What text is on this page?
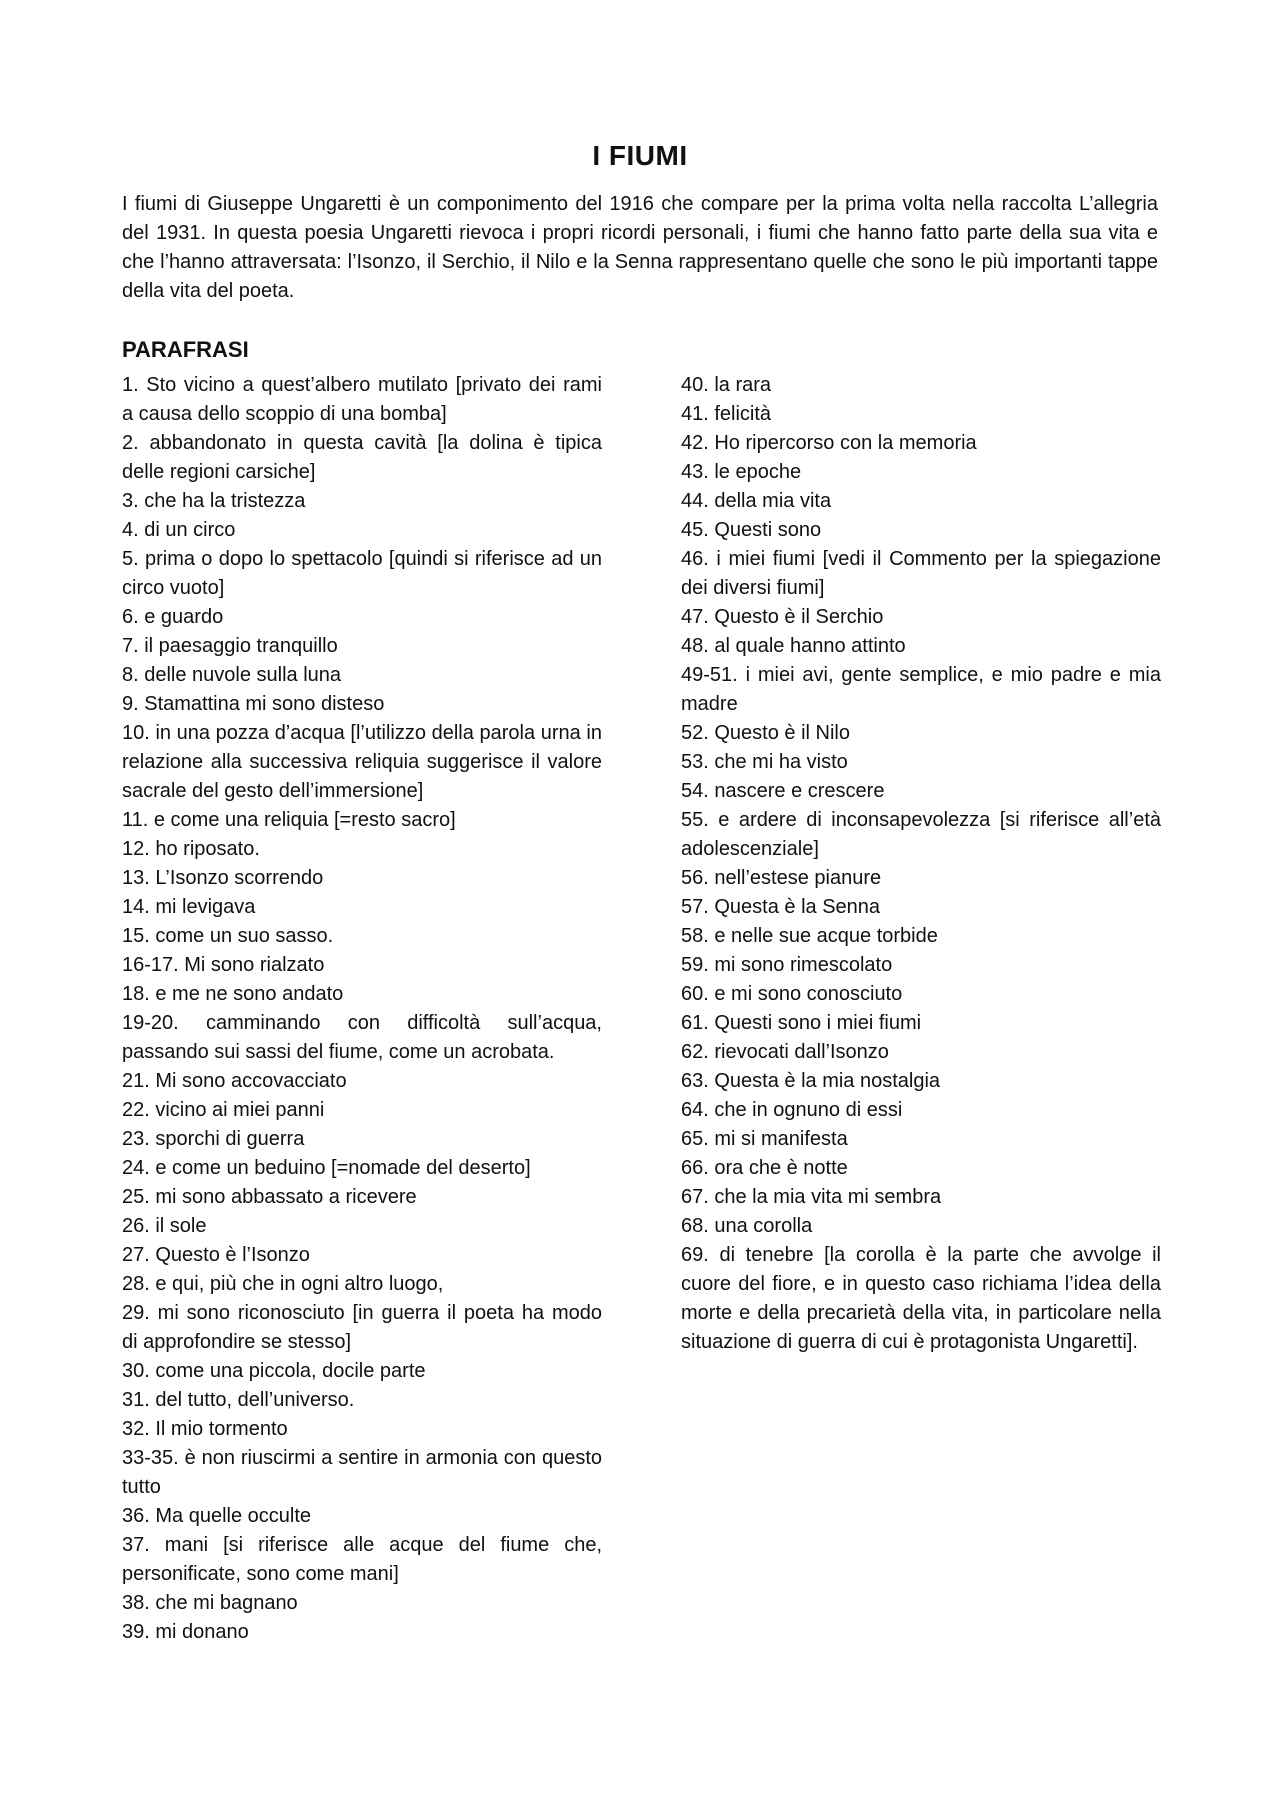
I FIUMI

I fiumi di Giuseppe Ungaretti è un componimento del 1916 che compare per la prima volta nella raccolta L’allegria del 1931. In questa poesia Ungaretti rievoca i propri ricordi personali, i fiumi che hanno fatto parte della sua vita e che l’hanno attraversata: l’Isonzo, il Serchio, il Nilo e la Senna rappresentano quelle che sono le più importanti tappe della vita del poeta.

PARAFRASI

1. Sto vicino a quest’albero mutilato [privato dei rami a causa dello scoppio di una bomba]

2. abbandonato in questa cavità [la dolina è tipica delle regioni carsiche]

3. che ha la tristezza

4. di un circo

5. prima o dopo lo spettacolo [quindi si riferisce ad un circo vuoto]

6. e guardo

7. il paesaggio tranquillo

8. delle nuvole sulla luna

9. Stamattina mi sono disteso

10. in una pozza d’acqua [l’utilizzo della parola urna in relazione alla successiva reliquia suggerisce il valore sacrale del gesto dell’immersione]

11. e come una reliquia [=resto sacro]

12. ho riposato.

13. L’Isonzo scorrendo

14. mi levigava

15. come un suo sasso.

16-17. Mi sono rialzato

18. e me ne sono andato

19-20. camminando con difficoltà sull’acqua, passando sui sassi del fiume, come un acrobata.

21. Mi sono accovacciato

22. vicino ai miei panni

23. sporchi di guerra

24. e come un beduino [=nomade del deserto]

25. mi sono abbassato a ricevere

26. il sole

27. Questo è l’Isonzo

28. e qui, più che in ogni altro luogo,

29. mi sono riconosciuto [in guerra il poeta ha modo di approfondire se stesso]

30. come una piccola, docile parte

31. del tutto, dell’universo.

32. Il mio tormento

33-35. è non riuscirmi a sentire in armonia con questo tutto

36. Ma quelle occulte

37. mani [si riferisce alle acque del fiume che, personificate, sono come mani]

38. che mi bagnano

39. mi donano

40. la rara

41. felicità

42. Ho ripercorso con la memoria

43. le epoche

44. della mia vita

45. Questi sono

46. i miei fiumi [vedi il Commento per la spiegazione dei diversi fiumi]

47. Questo è il Serchio

48. al quale hanno attinto

49-51. i miei avi, gente semplice, e mio padre e mia madre

52. Questo è il Nilo

53. che mi ha visto

54. nascere e crescere

55. e ardere di inconsapevolezza [si riferisce all’età adolescenziale]

56. nell’estese pianure

57. Questa è la Senna

58. e nelle sue acque torbide

59. mi sono rimescolato

60. e mi sono conosciuto

61. Questi sono i miei fiumi

62. rievocati dall’Isonzo

63. Questa è la mia nostalgia

64. che in ognuno di essi

65. mi si manifesta

66. ora che è notte

67. che la mia vita mi sembra

68. una corolla

69. di tenebre [la corolla è la parte che avvolge il cuore del fiore, e in questo caso richiama l’idea della morte e della precarietà della vita, in particolare nella situazione di guerra di cui è protagonista Ungaretti].
